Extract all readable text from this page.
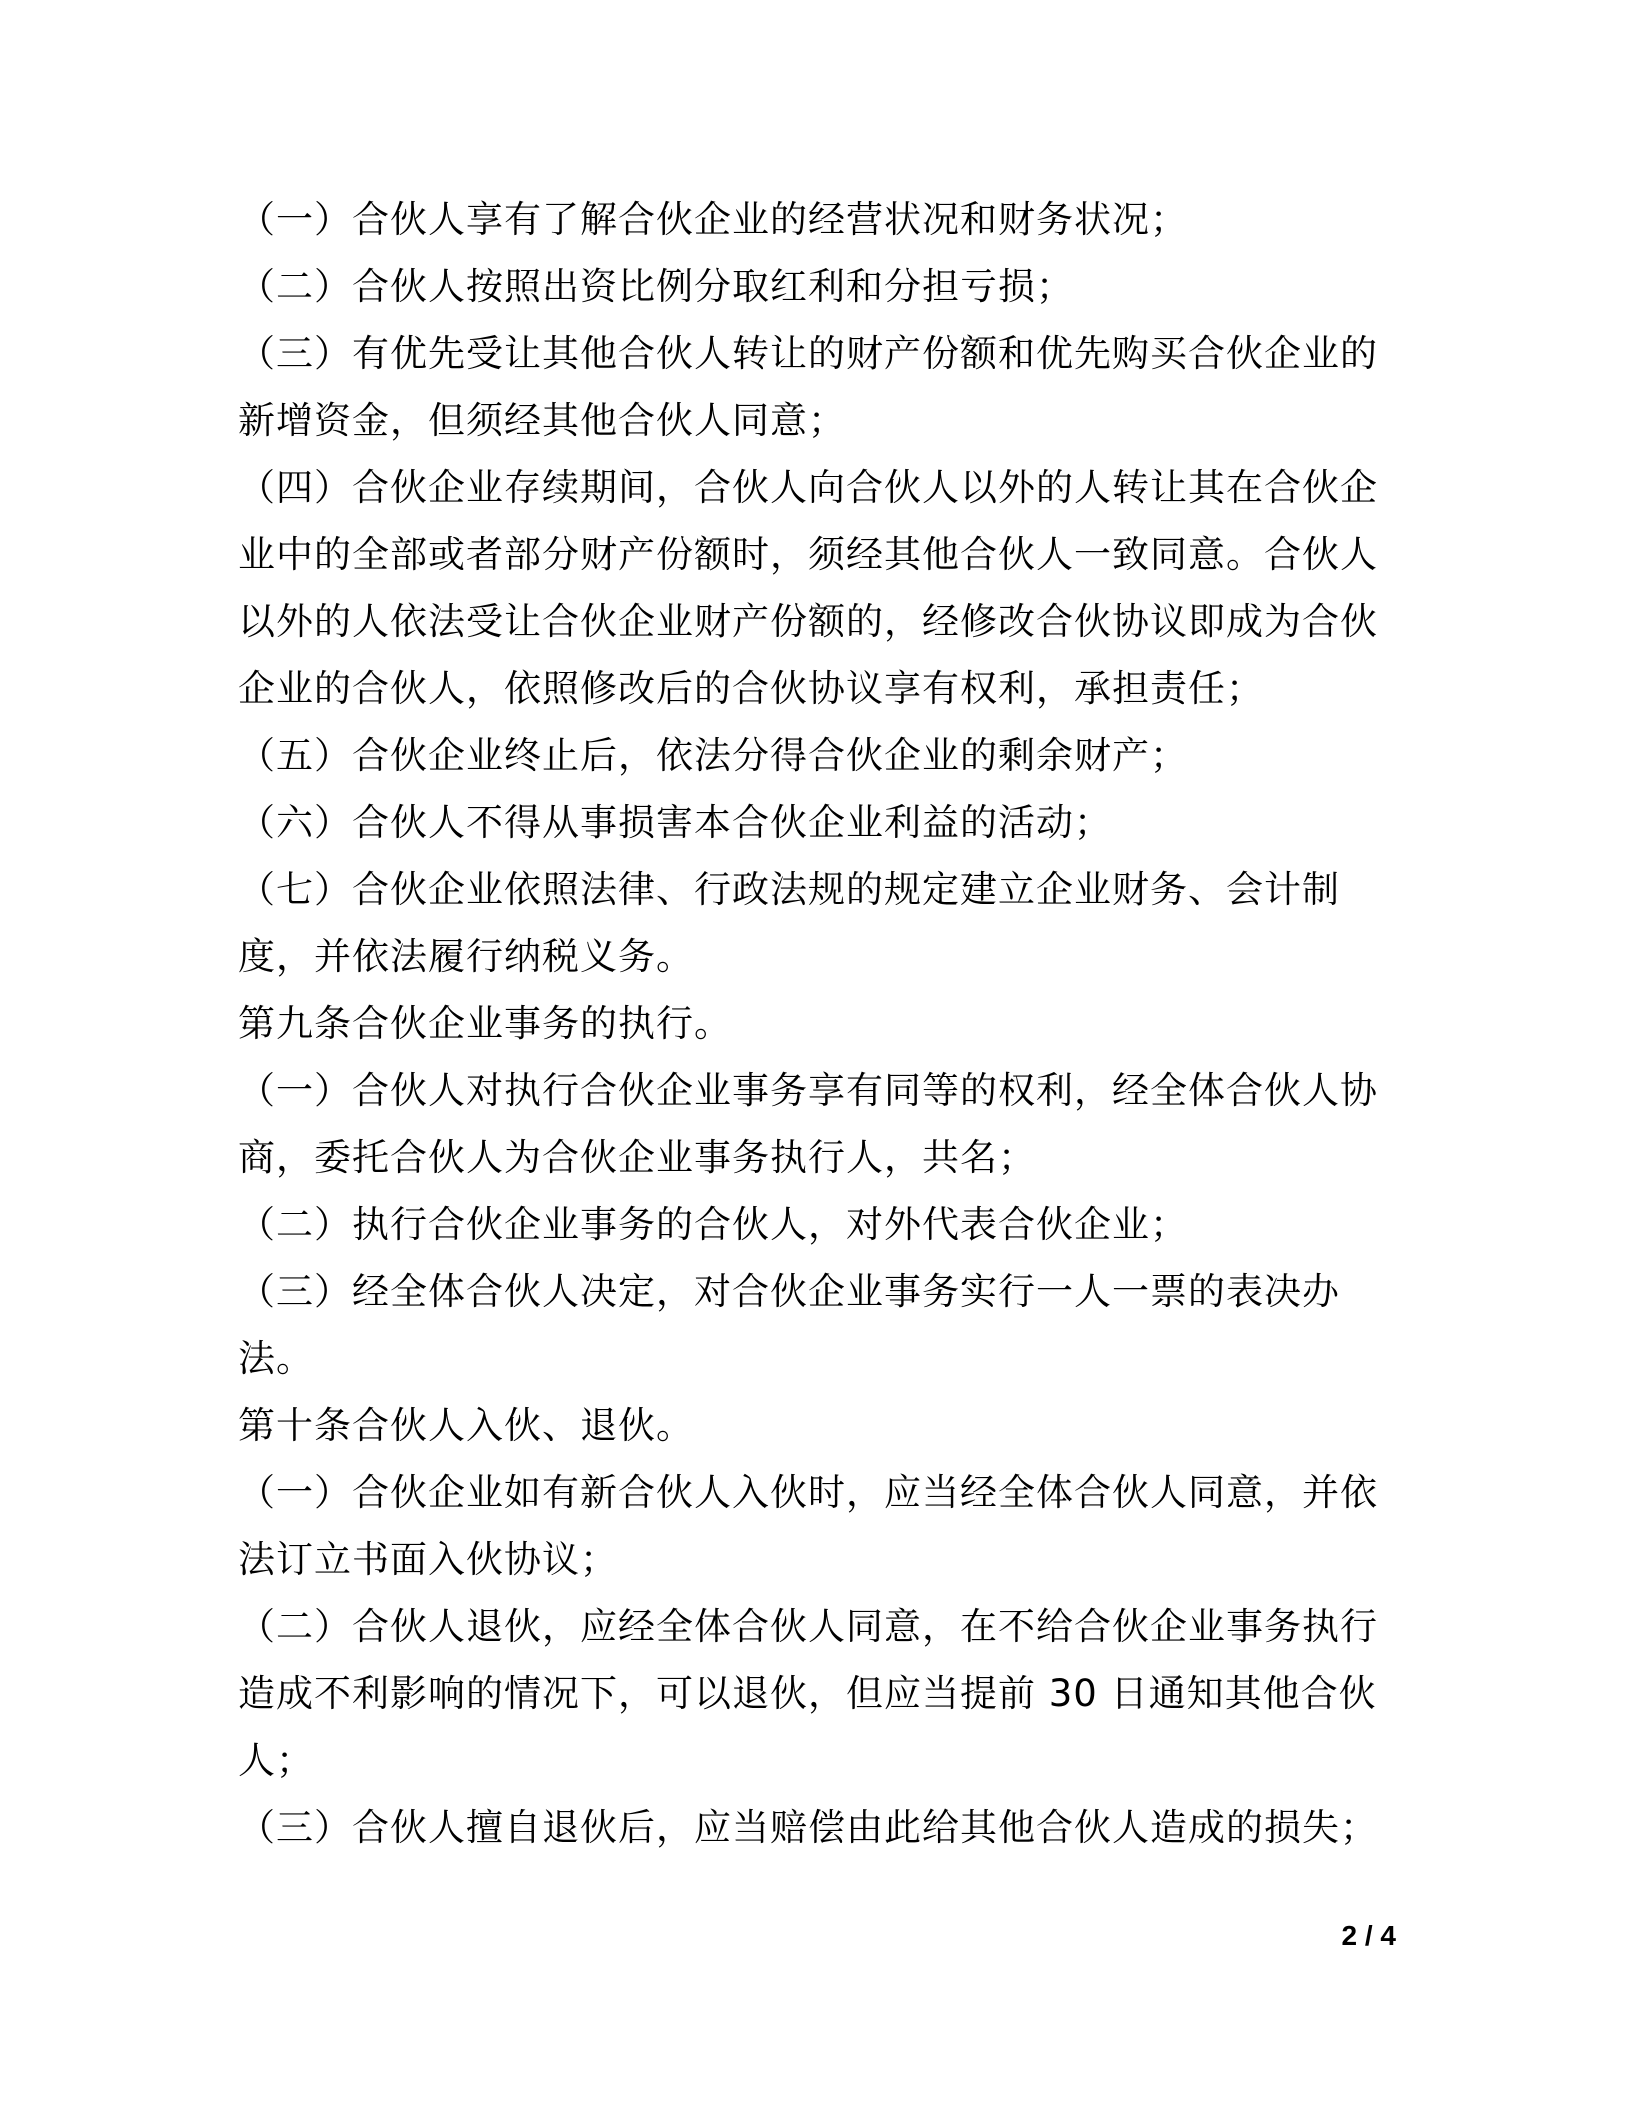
（一）合伙人享有了解合伙企业的经营状况和财务状况；

（二）合伙人按照出资比例分取红利和分担亏损；

（三）有优先受让其他合伙人转让的财产份额和优先购买合伙企业的新增资金，但须经其他合伙人同意；

（四）合伙企业存续期间，合伙人向合伙人以外的人转让其在合伙企业中的全部或者部分财产份额时，须经其他合伙人一致同意。合伙人以外的人依法受让合伙企业财产份额的，经修改合伙协议即成为合伙企业的合伙人，依照修改后的合伙协议享有权利，承担责任；

（五）合伙企业终止后，依法分得合伙企业的剩余财产；

（六）合伙人不得从事损害本合伙企业利益的活动；

（七）合伙企业依照法律、行政法规的规定建立企业财务、会计制度，并依法履行纳税义务。

第九条合伙企业事务的执行。

（一）合伙人对执行合伙企业事务享有同等的权利，经全体合伙人协商，委托合伙人为合伙企业事务执行人，共名；

（二）执行合伙企业事务的合伙人，对外代表合伙企业；

（三）经全体合伙人决定，对合伙企业事务实行一人一票的表决办法。

第十条合伙人入伙、退伙。

（一）合伙企业如有新合伙人入伙时，应当经全体合伙人同意，并依法订立书面入伙协议；

（二）合伙人退伙，应经全体合伙人同意，在不给合伙企业事务执行造成不利影响的情况下，可以退伙，但应当提前 30 日通知其他合伙人；

（三）合伙人擅自退伙后，应当赔偿由此给其他合伙人造成的损失；

2 / 4
